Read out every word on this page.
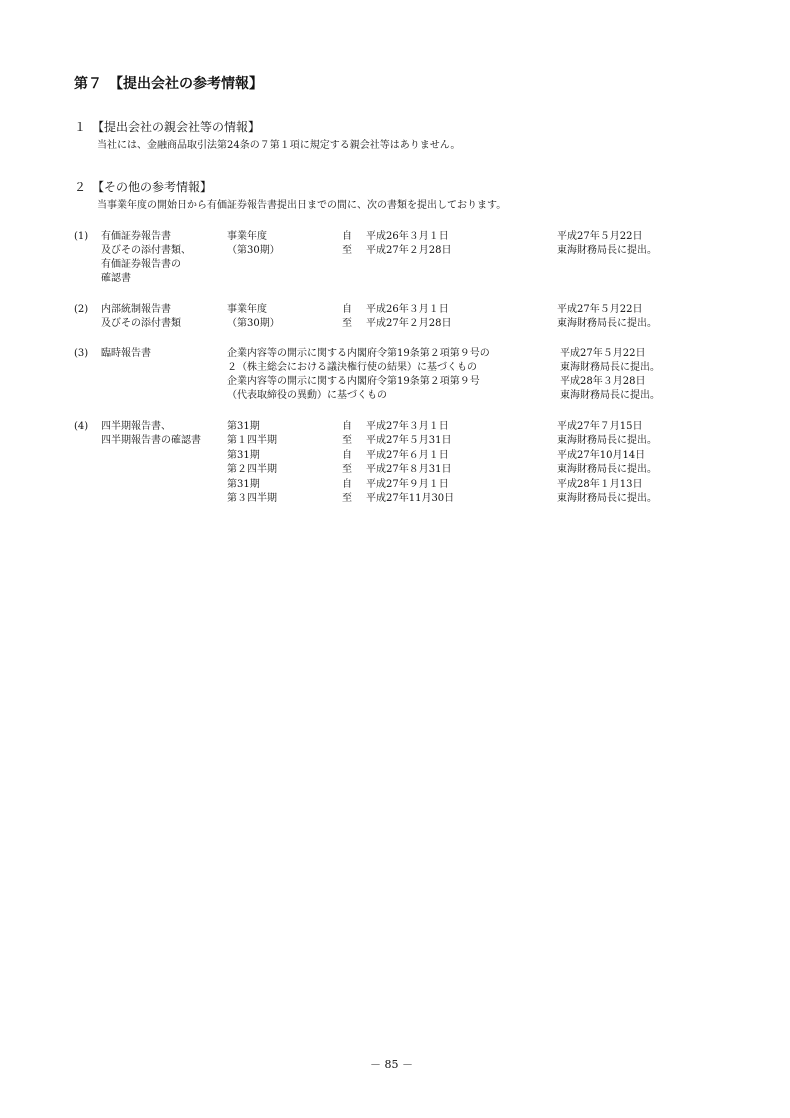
第７　【提出会社の参考情報】
１　【提出会社の親会社等の情報】
当社には、金融商品取引法第24条の７第１項に規定する親会社等はありません。
２　【その他の参考情報】
当事業年度の開始日から有価証券報告書提出日までの間に、次の書類を提出しております。
(1) 有価証券報告書
及びその添付書類、
有価証券報告書の
確認書
事業年度
（第30期）
自
至
平成26年３月１日
平成27年２月28日
平成27年５月22日
東海財務局長に提出。
(2) 内部統制報告書
及びその添付書類
事業年度
（第30期）
自
至
平成26年３月１日
平成27年２月28日
平成27年５月22日
東海財務局長に提出。
(3) 臨時報告書	企業内容等の開示に関する内閣府令第19条第２項第９号の
２（株主総会における議決権行使の結果）に基づくもの
企業内容等の開示に関する内閣府令第19条第２項第９号
（代表取締役の異動）に基づくもの
平成27年５月22日
東海財務局長に提出。
平成28年３月28日
東海財務局長に提出。
(4) 四半期報告書、
四半期報告書の確認書
第31期
第１四半期
第31期
第２四半期
第31期
第３四半期
自
至
自
至
自
至
平成27年３月１日
平成27年５月31日
平成27年６月１日
平成27年８月31日
平成27年９月１日
平成27年11月30日
平成27年７月15日
東海財務局長に提出。
平成27年10月14日
東海財務局長に提出。
平成28年１月13日
東海財務局長に提出。
－ 85 －
